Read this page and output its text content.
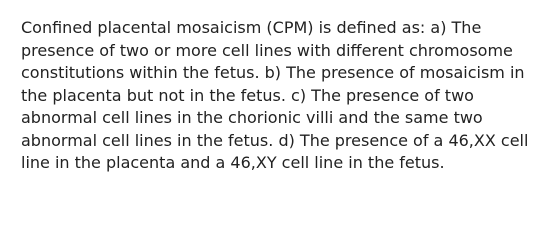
Confined placental mosaicism (CPM) is defined as: a) The presence of two or more cell lines with different chromosome constitutions within the fetus. b) The presence of mosaicism in the placenta but not in the fetus. c) The presence of two abnormal cell lines in the chorionic villi and the same two abnormal cell lines in the fetus. d) The presence of a 46,XX cell line in the placenta and a 46,XY cell line in the fetus.
